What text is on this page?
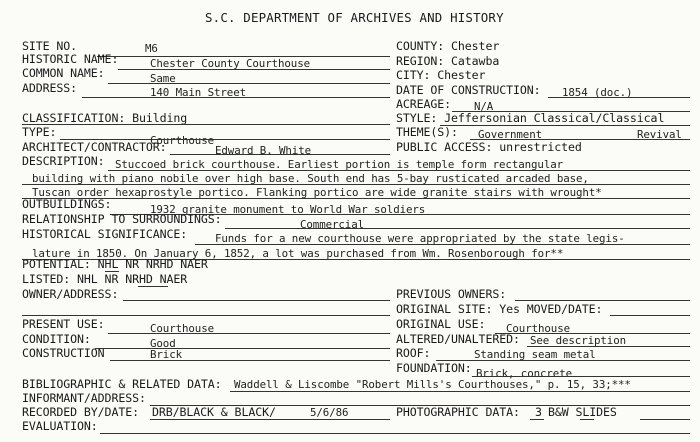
S.C. DEPARTMENT OF ARCHIVES AND HISTORY
SITE NO.	M6
HISTORIC NAME:	Chester County Courthouse
COMMON NAME:	Same
ADDRESS:	140 Main Street
CLASSIFICATION: Building
TYPE:
Courthouse
ARCHITECT/CONTRACTOR:	Edward B. White
DESCRIPTION: Stuccoed brick courthouse. Earliest portion is temple form rectangular
building with piano nobile over high base. South end has 5-bay rusticated arcaded base,
Tuscan order hexaprostyle portico. Flanking portico are wide granite stairs with wrought*
OUTBUILDINGS:	1932 granite monument to World War soldiers
RELATIONSHIP TO SURROUNDINGS:	Commercial
HISTORICAL SIGNIFICANCE:	Funds for a new courthouse were appropriated by the state legis-
lature in 1850. On January 6, 1852, a lot was purchased from Wm. Rosenborough for**
POTENTIAL: NHL NR NRHD NAER
LISTED: NHL NR NRHD NAER
OWNER/ADDRESS:
PRESENT USE:	Courthouse
CONDITION:	Good
CONSTRUCTION	Brick
BIBLIOGRAPHIC & RELATED DATA: Waddell & Liscombe "Robert Mills's Courthouses," p. 15, 33;***
INFORMANT/ADDRESS:
RECORDED BY/DATE: DRB/BLACK & BLACK/	5/6/86
EVALUATION:
COUNTY: Chester
REGION: Catawba
CITY: Chester
DATE OF CONSTRUCTION: 1854 (doc.)
ACREAGE: N/A
STYLE: Jeffersonian Classical/Classical
THEME(S): Government	Revival
PUBLIC ACCESS: unrestricted
PREVIOUS OWNERS:
ORIGINAL SITE: Yes MOVED/DATE:
ORIGINAL USE: Courthouse
ALTERED/UNALTERED: See description
ROOF:	Standing seam metal
FOUNDATION: Brick, concrete
PHOTOGRAPHIC DATA: 3 B&W SLIDES
